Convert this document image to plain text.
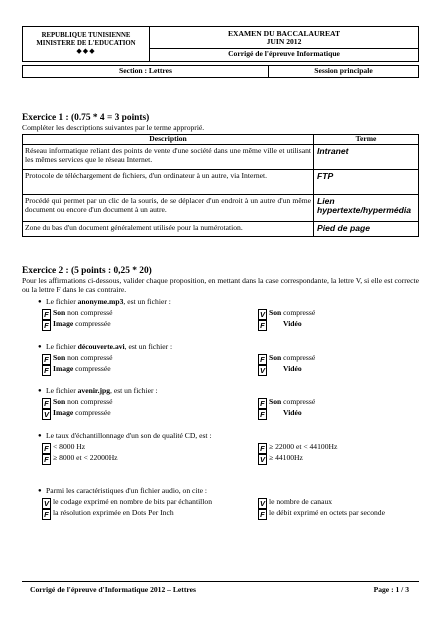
REPUBLIQUE TUNISIENNE
MINISTERE DE L'EDUCATION
◆◆◆

EXAMEN DU BACCALAUREAT
JUIN 2012
Corrigé de l'épreuve Informatique
Section : Lettres	Session principale
Exercice 1 : (0.75 * 4 = 3 points)
Compléter les descriptions suivantes par le terme approprié.
Description	Terme
Réseau informatique reliant des points de vente d'une société dans une même ville et utilisant les mêmes services que le réseau Internet.	Intranet
Protocole de téléchargement de fichiers, d'un ordinateur à un autre, via Internet.	FTP
Procédé qui permet par un clic de la souris, de se déplacer d'un endroit à un autre d'un même document ou encore d'un document à un autre.	Lien hypertexte/hypermédia
Zone du bas d'un document généralement utilisée pour la numérotation.	Pied de page
Exercice 2 : (5 points : 0,25 * 20)
Pour les affirmations ci-dessous, valider chaque proposition, en mettant dans la case correspondante, la lettre V, si elle est correcte ou la lettre F dans le cas contraire.
● Le fichier anonyme.mp3, est un fichier :
F Son non compressé	V Son compressé
F Image compressée	F Vidéo
● Le fichier découverte.avi, est un fichier :
F Son non compressé	F Son compressé
F Image compressée	V Vidéo
● Le fichier avenir.jpg, est un fichier :
F Son non compressé	F Son compressé
V Image compressée	F Vidéo
● Le taux d'échantillonnage d'un son de qualité CD, est :
F < 8000 Hz	F ≥ 22000 et < 44100Hz
F ≥ 8000 et < 22000Hz	V ≥ 44100Hz
● Parmi les caractéristiques d'un fichier audio, on cite :
V le codage exprimé en nombre de bits par échantillon	V le nombre de canaux
F la résolution exprimée en Dots Per Inch	F le débit exprimé en octets par seconde
Corrigé de l'épreuve d'Informatique 2012 – Lettres	Page : 1 / 3
